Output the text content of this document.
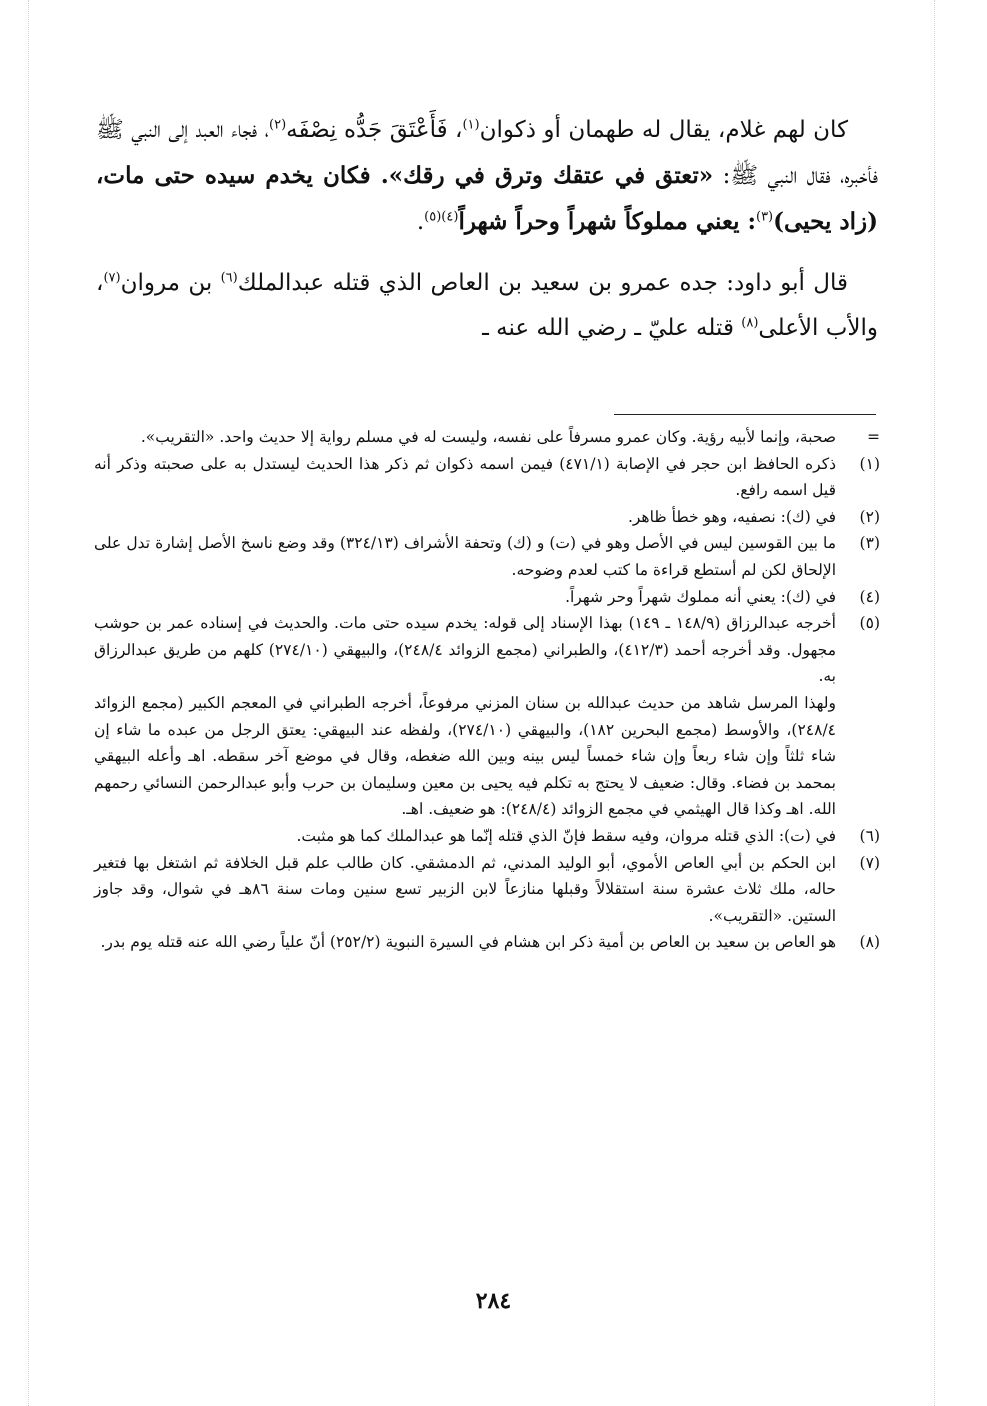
كان لهم غلام، يقال له طهمان أو ذكوان$^{(١)}$، فَأَعْتَقَ جَدُّه نِصْفَه$^{(٢)}$، فجاء العبد إلى النبي ﷺ فأخبره، فقال النبي ﷺ: «تعتق في عتقك وترق في رقك». فكان يخدم سيده حتى مات، (زاد يحيى)$^{(٣)}$: يعني مملوكاً شهراً وحراً شهراً$^{(٤)(٥)}$.

قال أبو داود: جده عمرو بن سعيد بن العاص الذي قتله عبدالملك$^{(٦)}$ بن مروان$^{(٧)}$، والأب الأعلى$^{(٨)}$ قتله عليّ ـ رضي الله عنه ـ

=

صحبة، وإنما لأبيه رؤية. وكان عمرو مسرفاً على نفسه، وليست له في مسلم رواية إلا حديث واحد. «التقريب».

(١)

ذكره الحافظ ابن حجر في الإصابة (٤٧١/١) فيمن اسمه ذكوان ثم ذكر هذا الحديث ليستدل به على صحبته وذكر أنه قيل اسمه رافع.

(٢)

في (ك): نصفيه، وهو خطأ ظاهر.

(٣)

ما بين القوسين ليس في الأصل وهو في (ت) و (ك) وتحفة الأشراف (٣٢٤/١٣) وقد وضع ناسخ الأصل إشارة تدل على الإلحاق لكن لم أستطع قراءة ما كتب لعدم وضوحه.

(٤)

في (ك): يعني أنه مملوك شهراً وحر شهراً.

(٥)

أخرجه عبدالرزاق (١٤٨/٩ ـ ١٤٩) بهذا الإسناد إلى قوله: يخدم سيده حتى مات. والحديث في إسناده عمر بن حوشب مجهول. وقد أخرجه أحمد (٤١٢/٣)، والطبراني (مجمع الزوائد ٢٤٨/٤)، والبيهقي (٢٧٤/١٠) كلهم من طريق عبدالرزاق به.

ولهذا المرسل شاهد من حديث عبدالله بن سنان المزني مرفوعاً، أخرجه الطبراني في المعجم الكبير (مجمع الزوائد ٢٤٨/٤)، والأوسط (مجمع البحرين ١٨٢)، والبيهقي (٢٧٤/١٠)، ولفظه عند البيهقي: يعتق الرجل من عبده ما شاء إن شاء ثلثاً وإن شاء ربعاً وإن شاء خمساً ليس بينه وبين الله ضغطه، وقال في موضع آخر سقطه. اهـ وأعله البيهقي بمحمد بن فضاء. وقال: ضعيف لا يحتج به تكلم فيه يحيى بن معين وسليمان بن حرب وأبو عبدالرحمن النسائي رحمهم الله. اهـ وكذا قال الهيثمي في مجمع الزوائد (٢٤٨/٤): هو ضعيف. اهـ.

(٦)

في (ت): الذي قتله مروان، وفيه سقط فإنّ الذي قتله إنّما هو عبدالملك كما هو مثبت.

(٧)

ابن الحكم بن أبي العاص الأموي، أبو الوليد المدني، ثم الدمشقي. كان طالب علم قبل الخلافة ثم اشتغل بها فتغير حاله، ملك ثلاث عشرة سنة استقلالاً وقبلها منازعاً لابن الزبير تسع سنين ومات سنة ٨٦هـ في شوال، وقد جاوز الستين. «التقريب».

(٨)

هو العاص بن سعيد بن العاص بن أمية ذكر ابن هشام في السيرة النبوية (٢٥٢/٢) أنّ علياً رضي الله عنه قتله يوم بدر.

٢٨٤
